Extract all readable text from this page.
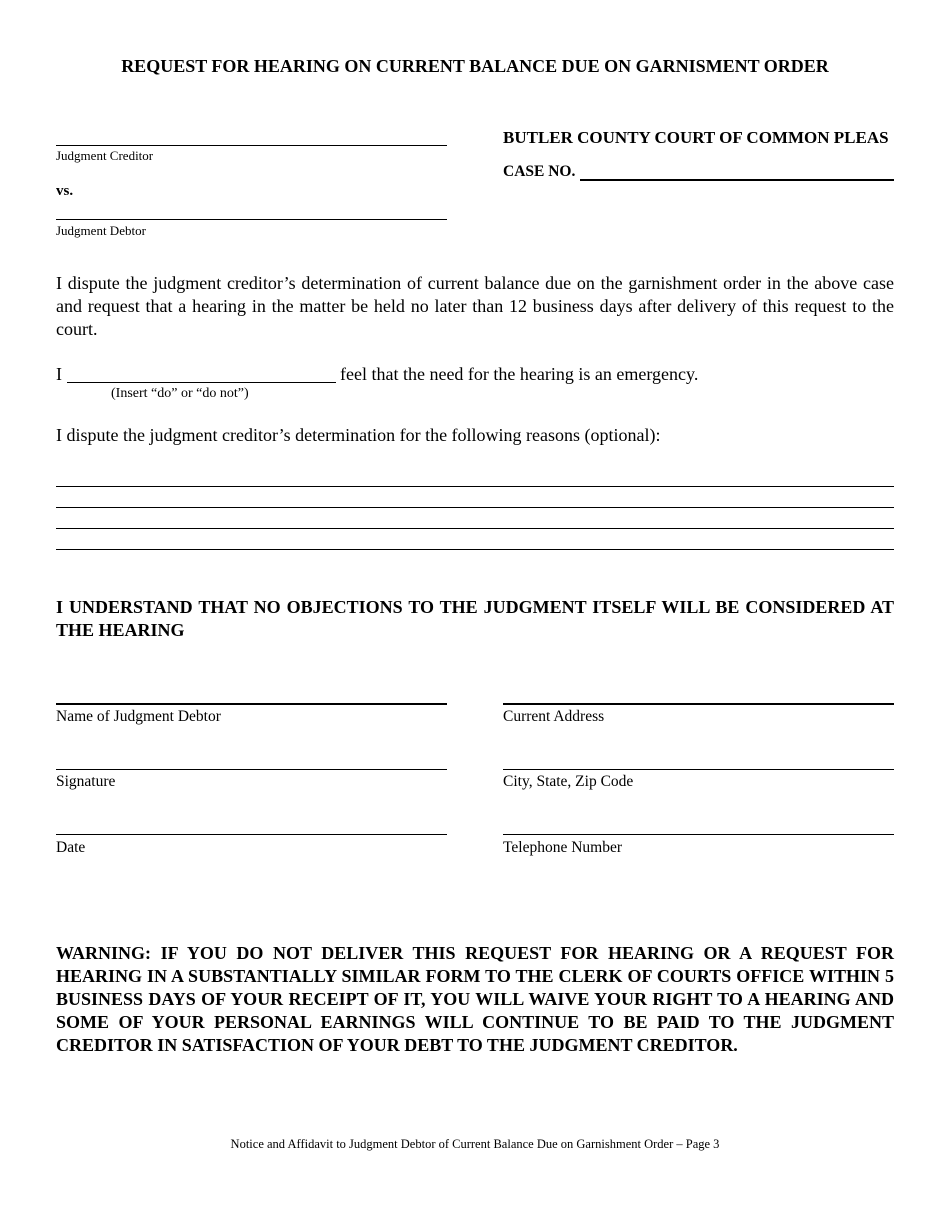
REQUEST FOR HEARING ON CURRENT BALANCE DUE ON GARNISMENT ORDER
Judgment Creditor
vs.
Judgment Debtor
BUTLER COUNTY COURT OF COMMON PLEAS
CASE NO.
I dispute the judgment creditor’s determination of current balance due on the garnishment order in the above case and request that a hearing in the matter be held no later than 12 business days after delivery of this request to the court.
I	feel that the need for the hearing is an emergency.
(Insert “do” or “do not”)
I dispute the judgment creditor’s determination for the following reasons (optional):
I UNDERSTAND THAT NO OBJECTIONS TO THE JUDGMENT ITSELF WILL BE CONSIDERED AT THE HEARING
Name of Judgment Debtor	Current Address
Signature	City, State, Zip Code
Date	Telephone Number
WARNING: IF YOU DO NOT DELIVER THIS REQUEST FOR HEARING OR A REQUEST FOR HEARING IN A SUBSTANTIALLY SIMILAR FORM TO THE CLERK OF COURTS OFFICE WITHIN 5 BUSINESS DAYS OF YOUR RECEIPT OF IT, YOU WILL WAIVE YOUR RIGHT TO A HEARING AND SOME OF YOUR PERSONAL EARNINGS WILL CONTINUE TO BE PAID TO THE JUDGMENT CREDITOR IN SATISFACTION OF YOUR DEBT TO THE JUDGMENT CREDITOR.
Notice and Affidavit to Judgment Debtor of Current Balance Due on Garnishment Order – Page 3
